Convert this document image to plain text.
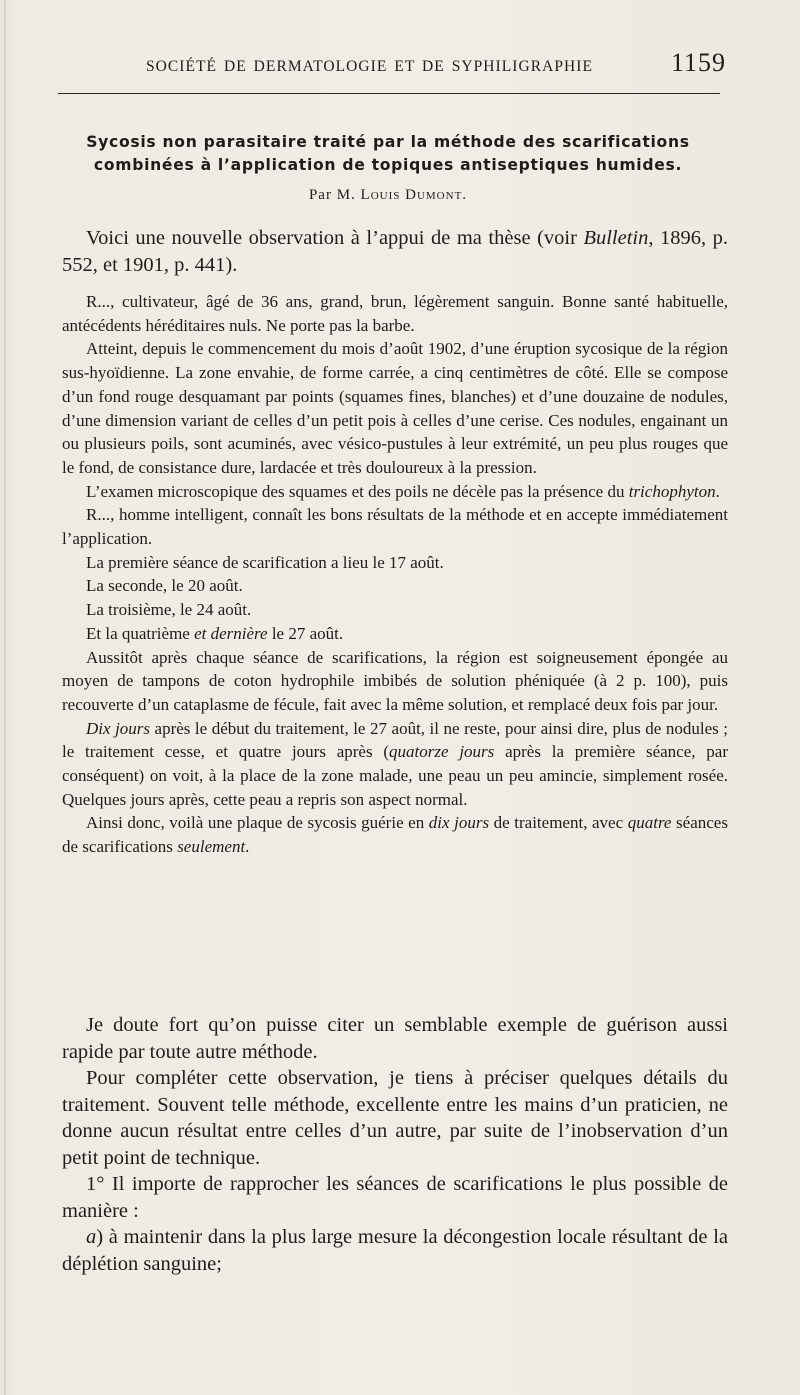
SOCIÉTÉ DE DERMATOLOGIE ET DE SYPHILIGRAPHIE	1159
Sycosis non parasitaire traité par la méthode des scarifications
combinées à l’application de topiques antiseptiques humides.
Par M. Louis Dumont.

Voici une nouvelle observation à l’appui de ma thèse (voir Bulletin, 1896, p. 552, et 1901, p. 441).

R..., cultivateur, âgé de 36 ans, grand, brun, légèrement sanguin. Bonne santé habituelle, antécédents héréditaires nuls. Ne porte pas la barbe.

Atteint, depuis le commencement du mois d’août 1902, d’une éruption sycosique de la région sus-hyoïdienne. La zone envahie, de forme carrée, a cinq centimètres de côté. Elle se compose d’un fond rouge desquamant par points (squames fines, blanches) et d’une douzaine de nodules, d’une dimension variant de celles d’un petit pois à celles d’une cerise. Ces nodules, engainant un ou plusieurs poils, sont acuminés, avec vésico-pustules à leur extrémité, un peu plus rouges que le fond, de consistance dure, lardacée et très douloureux à la pression.

L’examen microscopique des squames et des poils ne décèle pas la présence du trichophyton.

R..., homme intelligent, connaît les bons résultats de la méthode et en accepte immédiatement l’application.

La première séance de scarification a lieu le 17 août.

La seconde, le 20 août.

La troisième, le 24 août.

Et la quatrième et dernière le 27 août.

Aussitôt après chaque séance de scarifications, la région est soigneusement épongée au moyen de tampons de coton hydrophile imbibés de solution phéniquée (à 2 p. 100), puis recouverte d’un cataplasme de fécule, fait avec la même solution, et remplacé deux fois par jour.

Dix jours après le début du traitement, le 27 août, il ne reste, pour ainsi dire, plus de nodules ; le traitement cesse, et quatre jours après (quatorze jours après la première séance, par conséquent) on voit, à la place de la zone malade, une peau un peu amincie, simplement rosée. Quelques jours après, cette peau a repris son aspect normal.

Ainsi donc, voilà une plaque de sycosis guérie en dix jours de traitement, avec quatre séances de scarifications seulement.

Je doute fort qu’on puisse citer un semblable exemple de guérison aussi rapide par toute autre méthode.

Pour compléter cette observation, je tiens à préciser quelques détails du traitement. Souvent telle méthode, excellente entre les mains d’un praticien, ne donne aucun résultat entre celles d’un autre, par suite de l’inobservation d’un petit point de technique.

1° Il importe de rapprocher les séances de scarifications le plus possible de manière :

a) à maintenir dans la plus large mesure la décongestion locale résultant de la déplétion sanguine;
